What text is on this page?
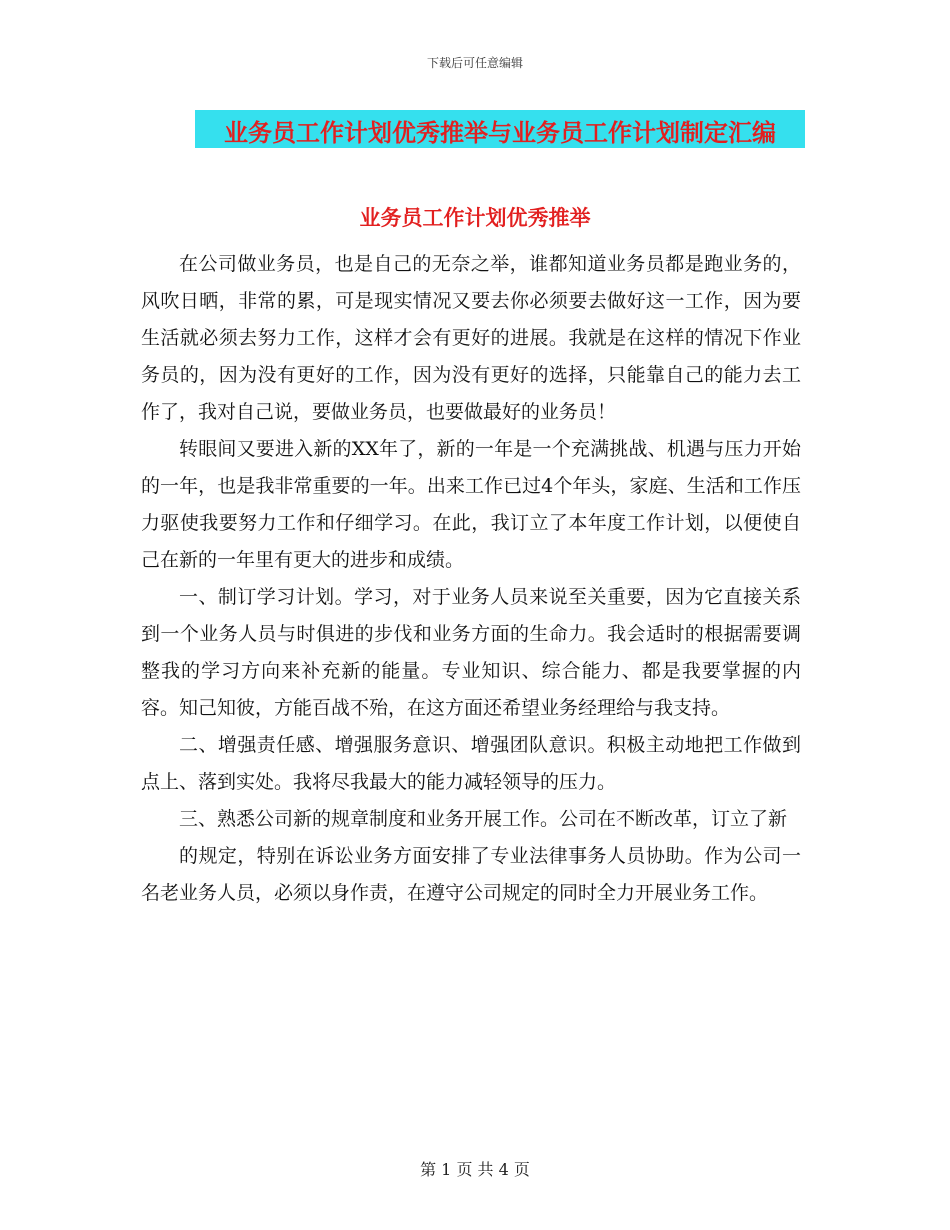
下载后可任意编辑
业务员工作计划优秀推举与业务员工作计划制定汇编
业务员工作计划优秀推举

在公司做业务员，也是自己的无奈之举，谁都知道业务员都是跑业务的，风吹日晒，非常的累，可是现实情况又要去你必须要去做好这一工作，因为要生活就必须去努力工作，这样才会有更好的进展。我就是在这样的情况下作业务员的，因为没有更好的工作，因为没有更好的选择，只能靠自己的能力去工作了，我对自己说，要做业务员，也要做最好的业务员！

转眼间又要进入新的XX年了，新的一年是一个充满挑战、机遇与压力开始的一年，也是我非常重要的一年。出来工作已过4个年头，家庭、生活和工作压力驱使我要努力工作和仔细学习。在此，我订立了本年度工作计划，以便使自己在新的一年里有更大的进步和成绩。

一、制订学习计划。学习，对于业务人员来说至关重要，因为它直接关系到一个业务人员与时俱进的步伐和业务方面的生命力。我会适时的根据需要调整我的学习方向来补充新的能量。专业知识、综合能力、都是我要掌握的内容。知己知彼，方能百战不殆，在这方面还希望业务经理给与我支持。

二、增强责任感、增强服务意识、增强团队意识。积极主动地把工作做到点上、落到实处。我将尽我最大的能力减轻领导的压力。

三、熟悉公司新的规章制度和业务开展工作。公司在不断改革，订立了新

的规定，特别在诉讼业务方面安排了专业法律事务人员协助。作为公司一名老业务人员，必须以身作责，在遵守公司规定的同时全力开展业务工作。

第 1 页 共 4 页
